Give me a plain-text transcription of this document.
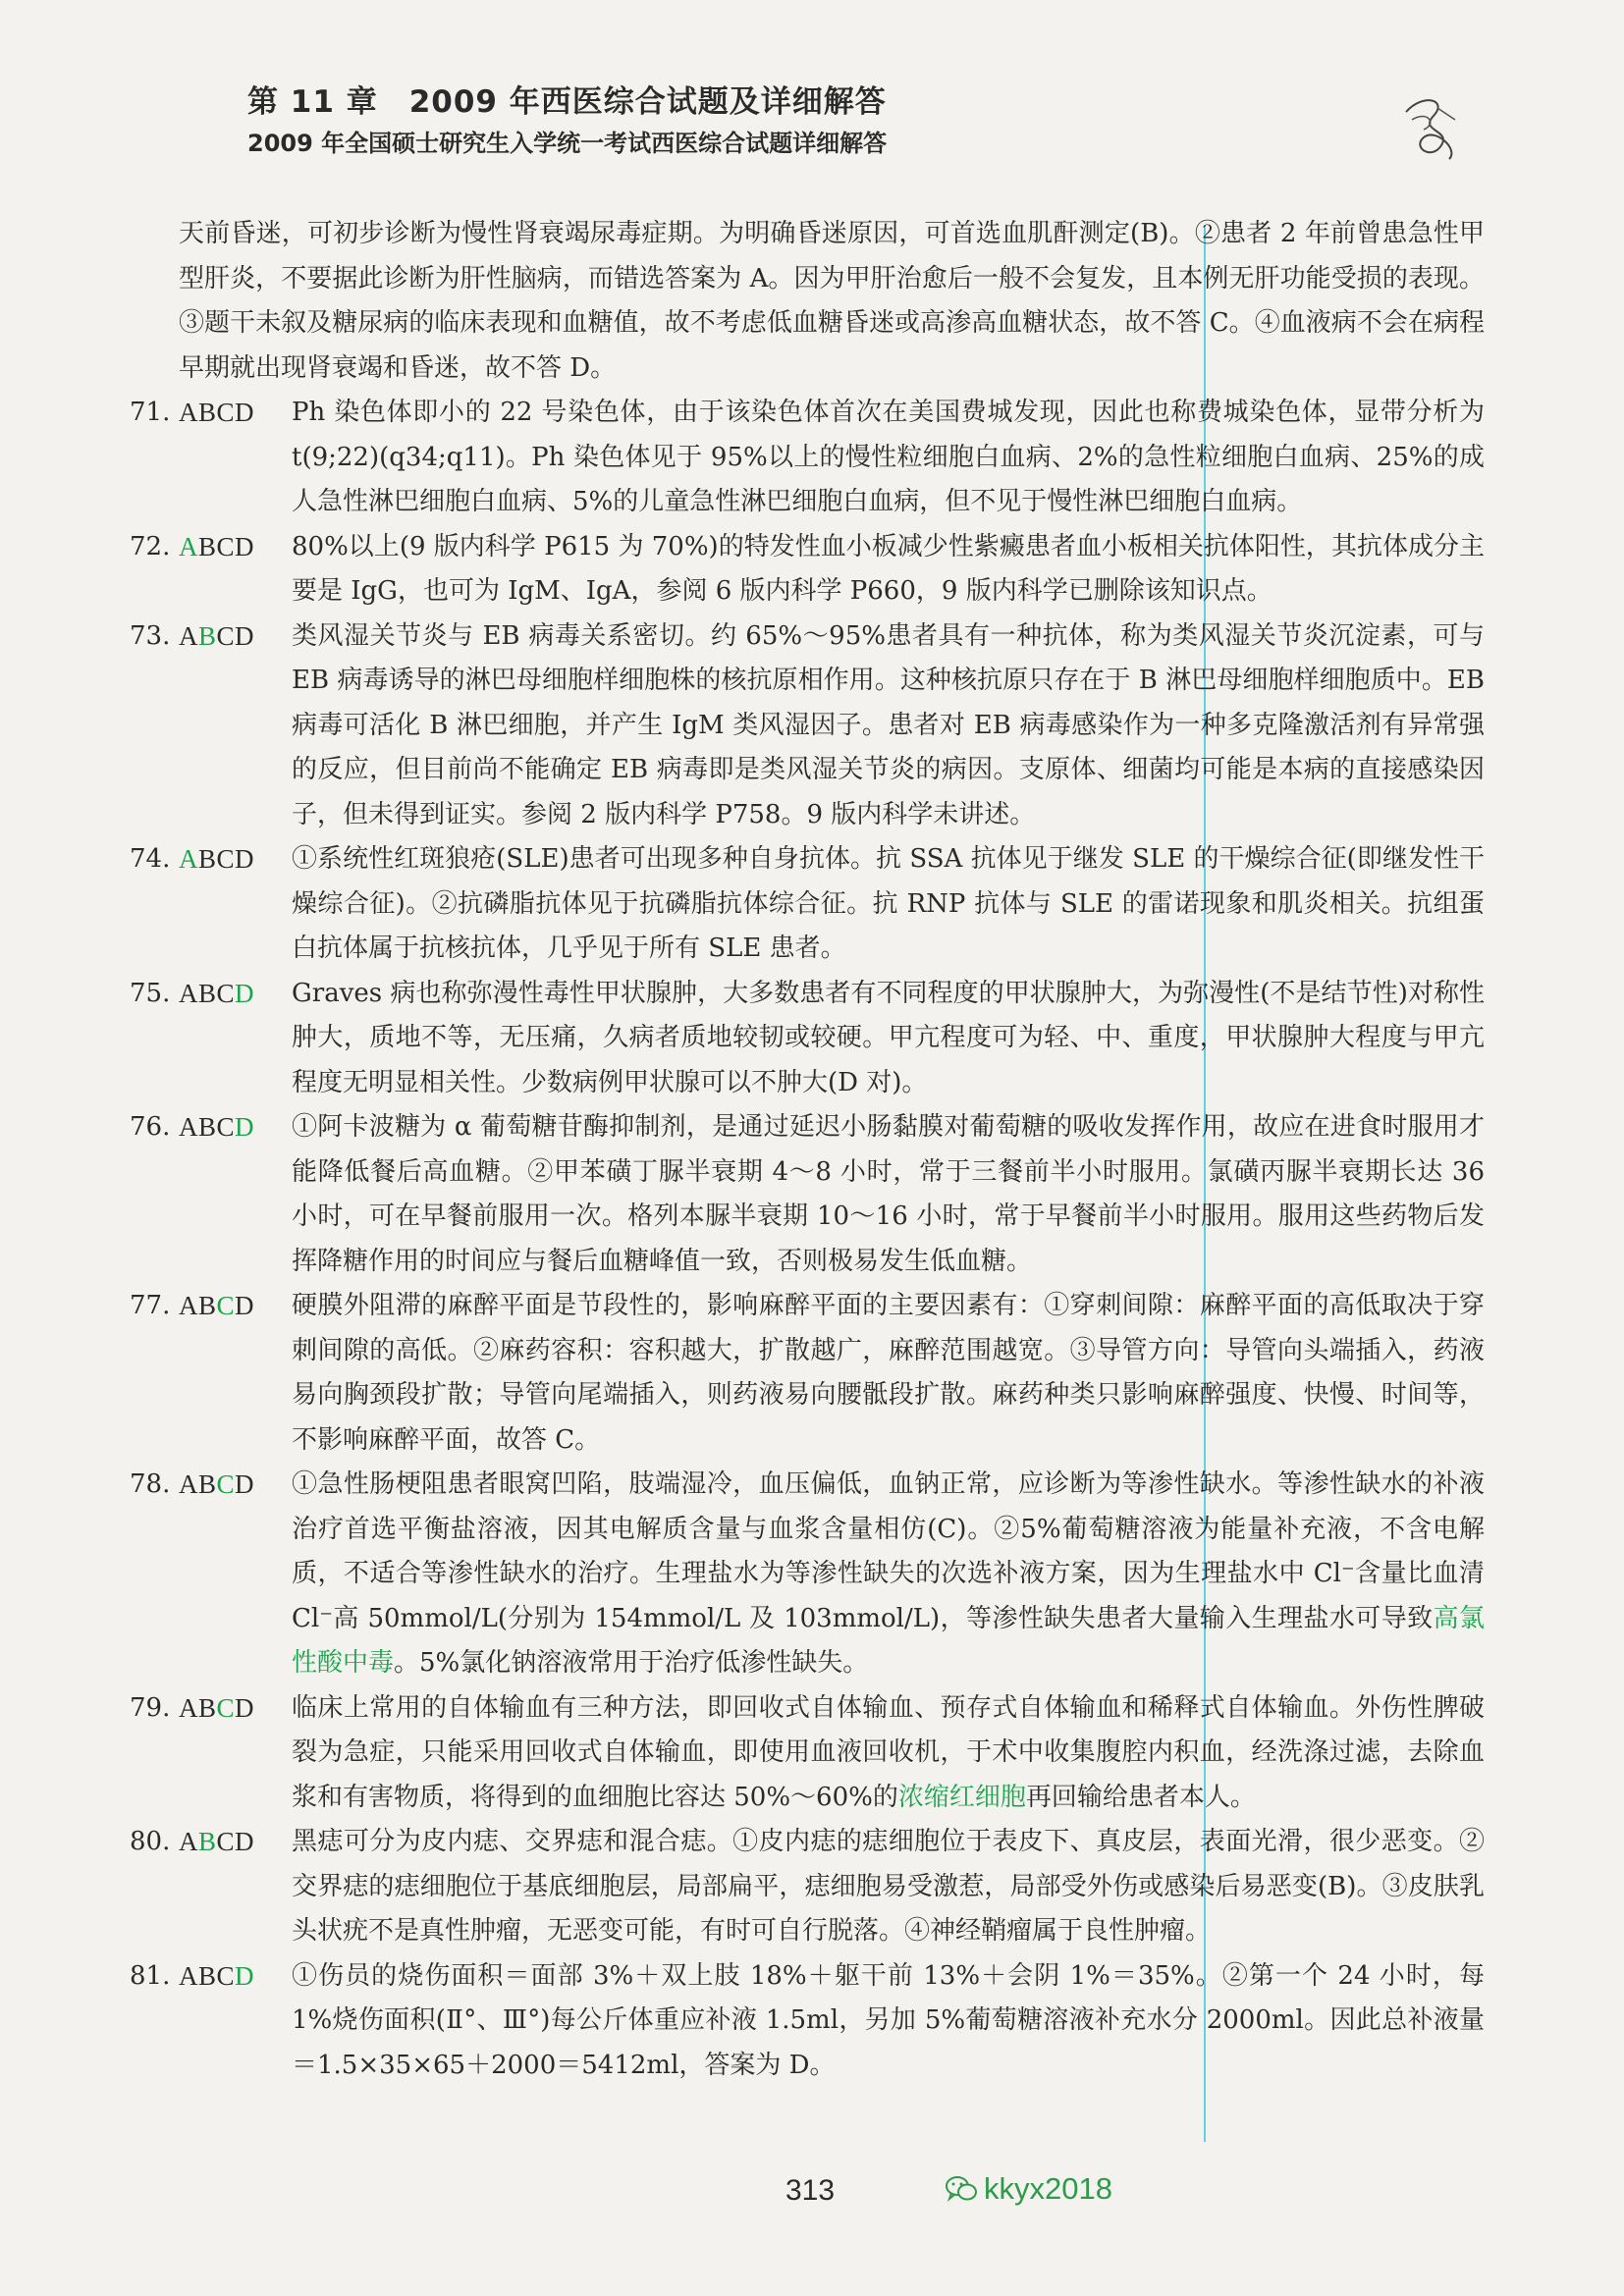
第 11 章　2009 年西医综合试题及详细解答
2009 年全国硕士研究生入学统一考试西医综合试题详细解答
天前昏迷，可初步诊断为慢性肾衰竭尿毒症期。为明确昏迷原因，可首选血肌酐测定(B)。②患者 2 年前曾患急性甲型肝炎，不要据此诊断为肝性脑病，而错选答案为 A。因为甲肝治愈后一般不会复发，且本例无肝功能受损的表现。③题干未叙及糖尿病的临床表现和血糖值，故不考虑低血糖昏迷或高渗高血糖状态，故不答 C。④血液病不会在病程早期就出现肾衰竭和昏迷，故不答 D。
71. ABCD Ph 染色体即小的 22 号染色体，由于该染色体首次在美国费城发现，因此也称费城染色体，显带分析为 t(9;22)(q34;q11)。Ph 染色体见于 95%以上的慢性粒细胞白血病、2%的急性粒细胞白血病、25%的成人急性淋巴细胞白血病、5%的儿童急性淋巴细胞白血病，但不见于慢性淋巴细胞白血病。
72. ABCD 80%以上(9 版内科学 P615 为 70%)的特发性血小板减少性紫癜患者血小板相关抗体阳性，其抗体成分主要是 IgG，也可为 IgM、IgA，参阅 6 版内科学 P660，9 版内科学已删除该知识点。
73. ABCD 类风湿关节炎与 EB 病毒关系密切。约 65%～95%患者具有一种抗体，称为类风湿关节炎沉淀素，可与 EB 病毒诱导的淋巴母细胞样细胞株的核抗原相作用。这种核抗原只存在于 B 淋巴母细胞样细胞质中。EB 病毒可活化 B 淋巴细胞，并产生 IgM 类风湿因子。患者对 EB 病毒感染作为一种多克隆激活剂有异常强的反应，但目前尚不能确定 EB 病毒即是类风湿关节炎的病因。支原体、细菌均可能是本病的直接感染因子，但未得到证实。参阅 2 版内科学 P758。9 版内科学未讲述。
74. ABCD ①系统性红斑狼疮(SLE)患者可出现多种自身抗体。抗 SSA 抗体见于继发 SLE 的干燥综合征(即继发性干燥综合征)。②抗磷脂抗体见于抗磷脂抗体综合征。抗 RNP 抗体与 SLE 的雷诺现象和肌炎相关。抗组蛋白抗体属于抗核抗体，几乎见于所有 SLE 患者。
75. ABCD Graves 病也称弥漫性毒性甲状腺肿，大多数患者有不同程度的甲状腺肿大，为弥漫性(不是结节性)对称性肿大，质地不等，无压痛，久病者质地较韧或较硬。甲亢程度可为轻、中、重度，甲状腺肿大程度与甲亢程度无明显相关性。少数病例甲状腺可以不肿大(D 对)。
76. ABCD ①阿卡波糖为 α 葡萄糖苷酶抑制剂，是通过延迟小肠黏膜对葡萄糖的吸收发挥作用，故应在进食时服用才能降低餐后高血糖。②甲苯磺丁脲半衰期 4～8 小时，常于三餐前半小时服用。氯磺丙脲半衰期长达 36 小时，可在早餐前服用一次。格列本脲半衰期 10～16 小时，常于早餐前半小时服用。服用这些药物后发挥降糖作用的时间应与餐后血糖峰值一致，否则极易发生低血糖。
77. ABCD 硬膜外阻滞的麻醉平面是节段性的，影响麻醉平面的主要因素有：①穿刺间隙：麻醉平面的高低取决于穿刺间隙的高低。②麻药容积：容积越大，扩散越广，麻醉范围越宽。③导管方向：导管向头端插入，药液易向胸颈段扩散；导管向尾端插入，则药液易向腰骶段扩散。麻药种类只影响麻醉强度、快慢、时间等，不影响麻醉平面，故答 C。
78. ABCD ①急性肠梗阻患者眼窝凹陷，肢端湿冷，血压偏低，血钠正常，应诊断为等渗性缺水。等渗性缺水的补液治疗首选平衡盐溶液，因其电解质含量与血浆含量相仿(C)。②5%葡萄糖溶液为能量补充液，不含电解质，不适合等渗性缺水的治疗。生理盐水为等渗性缺失的次选补液方案，因为生理盐水中 Cl⁻含量比血清 Cl⁻高 50mmol/L(分别为 154mmol/L 及 103mmol/L)，等渗性缺失患者大量输入生理盐水可导致高氯性酸中毒。5%氯化钠溶液常用于治疗低渗性缺失。
79. ABCD 临床上常用的自体输血有三种方法，即回收式自体输血、预存式自体输血和稀释式自体输血。外伤性脾破裂为急症，只能采用回收式自体输血，即使用血液回收机，于术中收集腹腔内积血，经洗涤过滤，去除血浆和有害物质，将得到的血细胞比容达 50%～60%的浓缩红细胞再回输给患者本人。
80. ABCD 黑痣可分为皮内痣、交界痣和混合痣。①皮内痣的痣细胞位于表皮下、真皮层，表面光滑，很少恶变。②交界痣的痣细胞位于基底细胞层，局部扁平，痣细胞易受激惹，局部受外伤或感染后易恶变(B)。③皮肤乳头状疣不是真性肿瘤，无恶变可能，有时可自行脱落。④神经鞘瘤属于良性肿瘤。
81. ABCD ①伤员的烧伤面积＝面部 3%＋双上肢 18%＋躯干前 13%＋会阴 1%＝35%。②第一个 24 小时，每 1%烧伤面积(Ⅱ°、Ⅲ°)每公斤体重应补液 1.5ml，另加 5%葡萄糖溶液补充水分 2000ml。因此总补液量＝1.5×35×65＋2000＝5412ml，答案为 D。
313	kkyx2018
